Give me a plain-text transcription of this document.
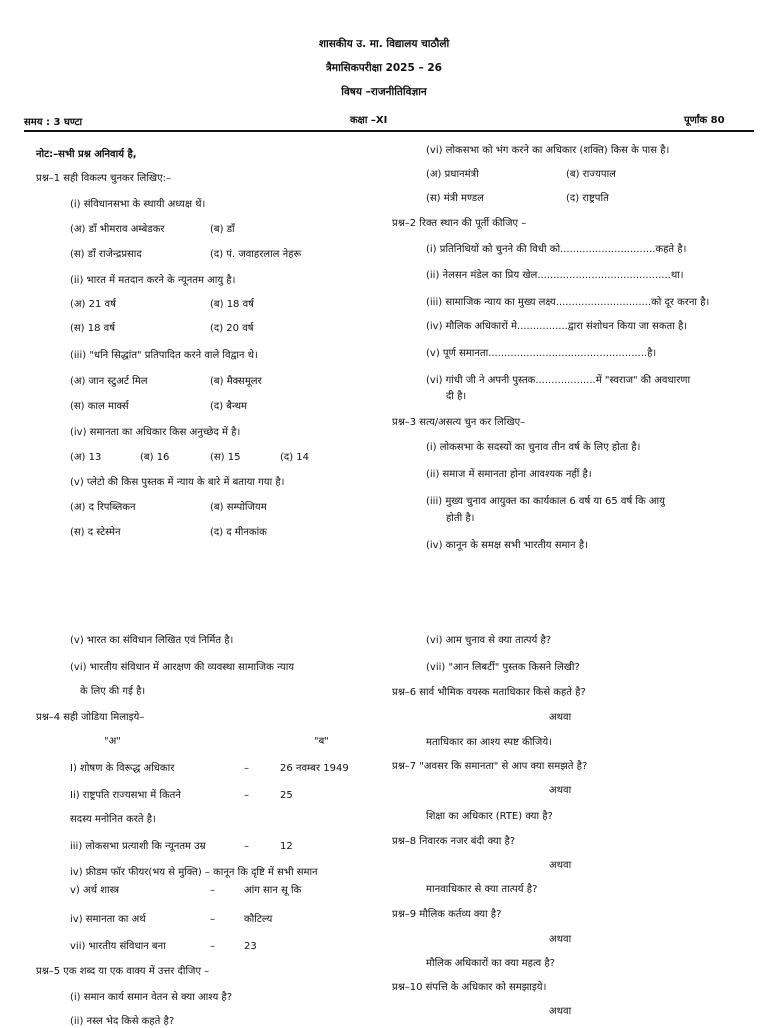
शासकीय उ. मा. विद्यालय चाठौली
त्रैमासिकपरीक्षा 2025 – 26
विषय –राजनीतिविज्ञान
समय : 3 घण्टा	कक्षा –XI	पूर्णांक 80
नोट:–सभी प्रश्न अनिवार्य है,
प्रश्न–1 सही विकल्प चुनकर लिखिए:–
(i) संविधानसभा के स्थायी अध्यक्ष थें।
(अ) डॉं भीमराव अम्बेडकर	(ब) डॉं
(स) डॉं राजेन्द्रप्रसाद	(द) पं. जवाहरलाल नेहरू
(ii) भारत में मतदान करने के न्यूनतम आयु है।
(अ) 21 वर्ष	(ब) 18 वर्ष
(स) 18 वर्ष	(द) 20 वर्ष
(iii) "धनि सिद्धांत" प्रतिपादित करने वाले विद्वान थे।
(अ) जान स्टुअर्ट मिल	(ब) मैक्समूलर
(स) काल मार्क्स	(द) बैन्थम
(iv) समानता का अधिकार किस अनुच्छेद में है।
(अ) 13	(ब) 16	(स) 15	(द) 14
(v) प्लेटो की किस पुस्तक में न्याय के बारे में बताया गया है।
(अ) द रिपब्लिकन	(ब) सम्पोजियम
(स) द स्टेस्मेन	(द) द मीनकांक
(vi) लोकसभा को भंग करने का अधिकार (शक्ति) किस के पास है।
(अ) प्रधानमंत्री	(ब) राज्यपाल
(स) मंत्री मण्डल	(द) राष्ट्रपति
प्रश्न–2 रिक्त स्थान की पूर्ती कीजिए –
(i) प्रतिनिधियों को चुनने की विधी को..............................कहते है।
(ii) नेलसन मंडेल का प्रिय खेल..........................................था।
(iii) सामाजिक न्याय का मुख्य लक्ष्य..............................को दूर करना है।
(iv) मौलिक अधिकारों मे................द्वारा संशोधन किया जा सकता है।
(v) पूर्ण समानता..................................................है।
(vi) गांधी जी ने अपनी पुस्तक...................में "स्वराज" की अवधारणा
दी है।
प्रश्न–3 सत्य/असत्य चुन कर लिखिए–
(i) लोकसभा के सदस्यों का चुनाव तीन वर्ष के लिए होता है।
(ii) समाज में समानता होना आवश्यक नहीं है।
(iii) मुख्य चुनाव आयुक्त का कार्यकाल 6 वर्ष या 65 वर्ष कि आयु
होती है।
(iv) कानून के समक्ष सभी भारतीय समान है।
(v) भारत का संविधान लिखित एवं निर्मित है।
(vi) भारतीय संविधान में आरक्षण की व्यवस्था सामाजिक न्याय
के लिए की गई है।
प्रश्न–4 सही जोडिया मिलाइये–
"अ"	"ब"
I) शोषण के विरूद्ध अधिकार	–	26 नवम्बर 1949
Ii) राष्ट्रपति राज्यसभा में कितने	–	25
सदस्य मनोनित करते है।
iii) लोकसभा प्रत्याशी कि न्यूनतम उम्र	–	12
iv) फ्रीडम फॉर फीयर(भय से मुक्ति) – कानून कि दृष्टि में सभी समान
v) अर्थ शास्त्र	–	आंग सान सू कि
iv) समानता का अर्थ	–	कौटिल्य
vii) भारतीय संविधान बना	–	23
प्रश्न–5 एक शब्द या एक वाक्य में उत्तर दीजिए –
(i) समान कार्य समान वेतन से क्या आश्य है?
(ii) नस्ल भेद किसे कहते है?
(vi) आम चुनाव से क्या तात्पर्य है?
(vii) "आन लिबर्टी" पुस्तक किसने लिखी?
प्रश्न–6 सार्व भौमिक वयस्क मताधिकार किसे कहते है?
अथवा
मताधिकार का आश्य स्पष्ट कीजिये।
प्रश्न–7 "अवसर कि समानता" से आप क्या समझते है?
अथवा
शिक्षा का अधिकार (RTE) क्या है?
प्रश्न–8 निवारक नजर बंदी क्या है?
अथवा
मानवाधिकार से क्या तात्पर्य है?
प्रश्न–9 मौलिक कर्तव्य क्या है?
अथवा
मौलिक अधिकारों का क्या महत्व है?
प्रश्न–10 संपत्ति के अधिकार को समझाइये।
अथवा
